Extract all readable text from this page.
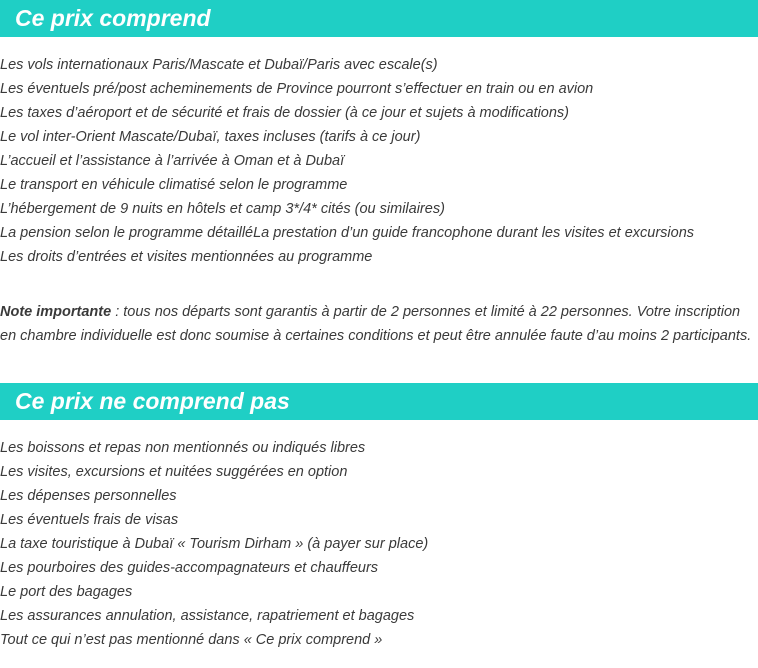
Ce prix comprend
Les vols internationaux Paris/Mascate et Dubaï/Paris avec escale(s)
Les éventuels pré/post acheminements de Province pourront s’effectuer en train ou en avion
Les taxes d’aéroport et de sécurité et frais de dossier (à ce jour et sujets à modifications)
Le vol inter-Orient Mascate/Dubaï, taxes incluses (tarifs à ce jour)
L’accueil et l’assistance à l’arrivée à Oman et à Dubaï
Le transport en véhicule climatisé selon le programme
L’hébergement de 9 nuits en hôtels et camp 3*/4* cités (ou similaires)
La pension selon le programme détailléLa prestation d’un guide francophone durant les visites et excursions
Les droits d’entrées et visites mentionnées au programme

Note importante : tous nos départs sont garantis à partir de 2 personnes et limité à 22 personnes. Votre inscription en chambre individuelle est donc soumise à certaines conditions et peut être annulée faute d’au moins 2 participants.

Ce prix ne comprend pas
Les boissons et repas non mentionnés ou indiqués libres
Les visites, excursions et nuitées suggérées en option
Les dépenses personnelles
Les éventuels frais de visas
La taxe touristique à Dubaï « Tourism Dirham » (à payer sur place)
Les pourboires des guides-accompagnateurs et chauffeurs
Le port des bagages
Les assurances annulation, assistance, rapatriement et bagages
Tout ce qui n’est pas mentionné dans « Ce prix comprend »
